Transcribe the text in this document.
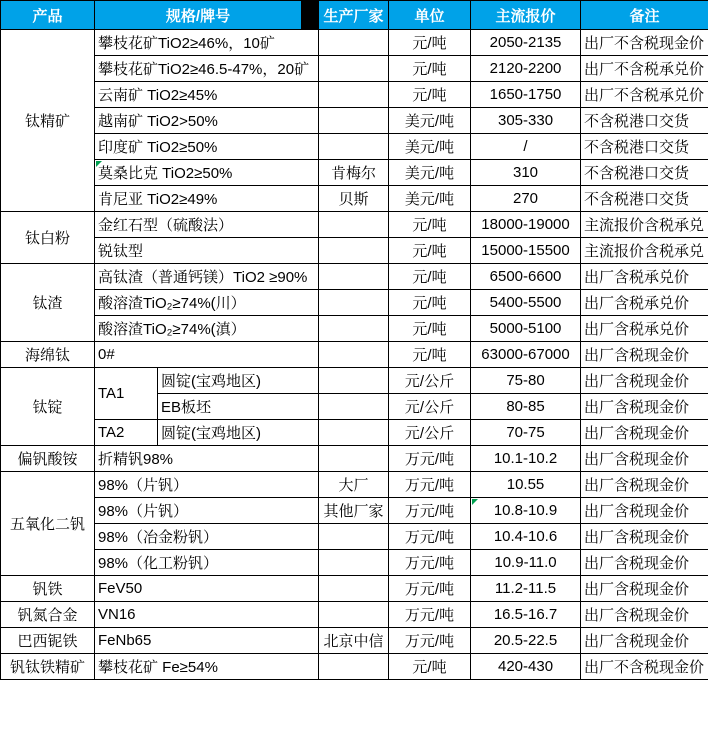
产品	规格/牌号			生产厂家	单位	主流报价	备注
钛精矿	攀枝花矿TiO2≥46%，10矿				元/吨	2050-2135	出厂不含税现金价
	攀枝花矿TiO2≥46.5-47%，20矿				元/吨	2120-2200	出厂不含税承兑价
	云南矿 TiO2≥45%				元/吨	1650-1750	出厂不含税承兑价
	越南矿 TiO2>50%				美元/吨	305-330	不含税港口交货
	印度矿 TiO2≥50%				美元/吨	/	不含税港口交货
	莫桑比克 TiO2≥50%			肯梅尔	美元/吨	310	不含税港口交货
	肯尼亚 TiO2≥49%			贝斯	美元/吨	270	不含税港口交货
钛白粉	金红石型（硫酸法）				元/吨	18000-19000	主流报价含税承兑
	锐钛型				元/吨	15000-15500	主流报价含税承兑
钛渣	高钛渣（普通钙镁）TiO2 ≥90%				元/吨	6500-6600	出厂含税承兑价
	酸溶渣TiO₂≥74%(川）				元/吨	5400-5500	出厂含税承兑价
	酸溶渣TiO₂≥74%(滇）				元/吨	5000-5100	出厂含税承兑价
海绵钛	0#				元/吨	63000-67000	出厂含税现金价
钛锭	TA1	圆锭(宝鸡地区)			元/公斤	75-80	出厂含税现金价
		EB板坯			元/公斤	80-85	出厂含税现金价
	TA2	圆锭(宝鸡地区)			元/公斤	70-75	出厂含税现金价
偏钒酸铵	折精钒98%				万元/吨	10.1-10.2	出厂含税现金价
五氧化二钒	98%（片钒）			大厂	万元/吨	10.55	出厂含税现金价
	98%（片钒）			其他厂家	万元/吨	10.8-10.9	出厂含税现金价
	98%（冶金粉钒）				万元/吨	10.4-10.6	出厂含税现金价
	98%（化工粉钒）				万元/吨	10.9-11.0	出厂含税现金价
钒铁	FeV50				万元/吨	11.2-11.5	出厂含税现金价
钒氮合金	VN16				万元/吨	16.5-16.7	出厂含税现金价
巴西铌铁	FeNb65			北京中信	万元/吨	20.5-22.5	出厂含税现金价
钒钛铁精矿	攀枝花矿 Fe≥54%				元/吨	420-430	出厂不含税现金价
